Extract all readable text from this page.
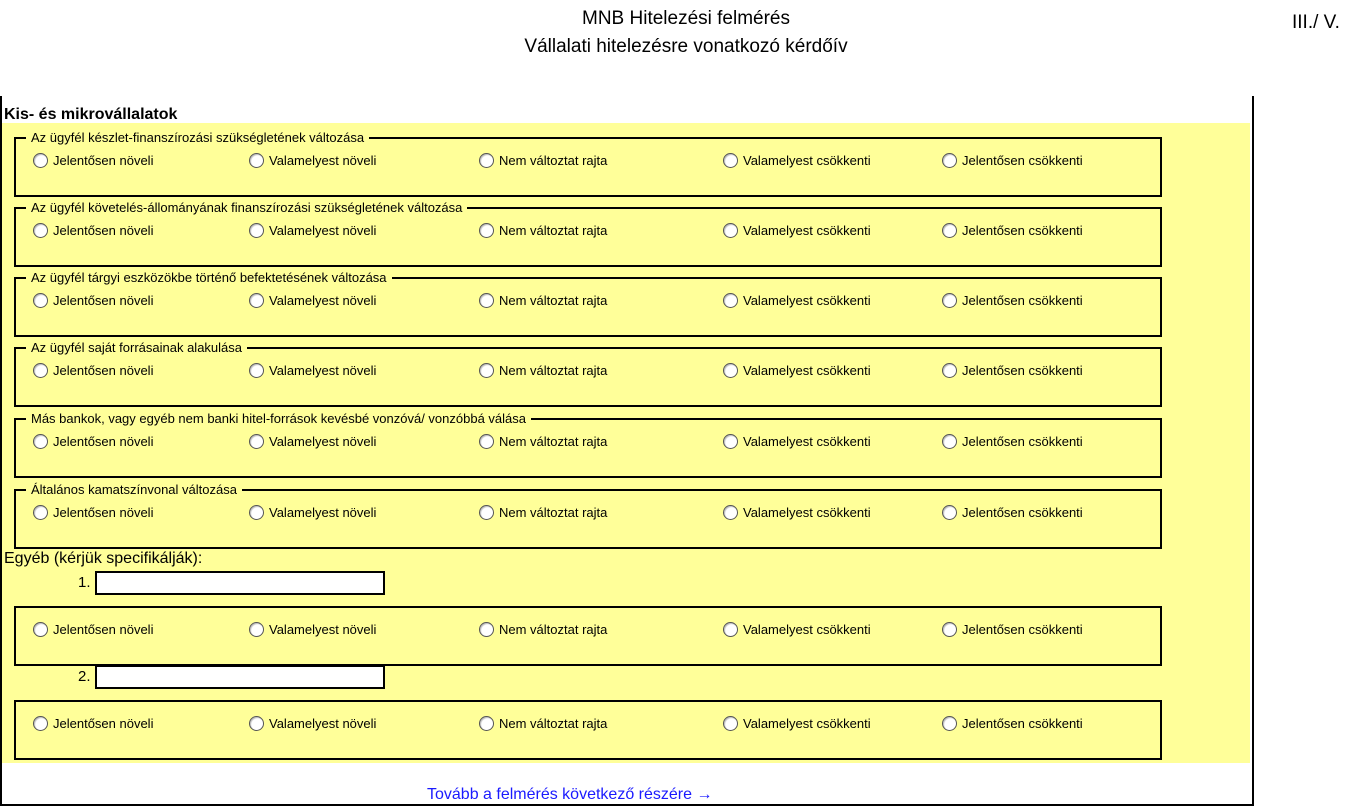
MNB Hitelezési felmérés
Vállalati hitelezésre vonatkozó kérdőív
III./ V.
Kis- és mikrovállalatok
Az ügyfél készlet-finanszírozási szükségletének változása
Jelentősen növeli	Valamelyest növeli	Nem változtat rajta	Valamelyest csökkenti	Jelentősen csökkenti
Az ügyfél követelés-állományának finanszírozási szükségletének változása
Jelentősen növeli	Valamelyest növeli	Nem változtat rajta	Valamelyest csökkenti	Jelentősen csökkenti
Az ügyfél tárgyi eszközökbe történő befektetésének változása
Jelentősen növeli	Valamelyest növeli	Nem változtat rajta	Valamelyest csökkenti	Jelentősen csökkenti
Az ügyfél saját forrásainak alakulása
Jelentősen növeli	Valamelyest növeli	Nem változtat rajta	Valamelyest csökkenti	Jelentősen csökkenti
Más bankok, vagy egyéb nem banki hitel-források kevésbé vonzóvá/ vonzóbbá válása
Jelentősen növeli	Valamelyest növeli	Nem változtat rajta	Valamelyest csökkenti	Jelentősen csökkenti
Általános kamatszínvonal változása
Jelentősen növeli	Valamelyest növeli	Nem változtat rajta	Valamelyest csökkenti	Jelentősen csökkenti
Jelentősen növeli	Valamelyest növeli	Nem változtat rajta	Valamelyest csökkenti	Jelentősen csökkenti
Jelentősen növeli	Valamelyest növeli	Nem változtat rajta	Valamelyest csökkenti	Jelentősen csökkenti
Egyéb (kérjük specifikálják):
1.
2.
Tovább a felmérés következő részére →
